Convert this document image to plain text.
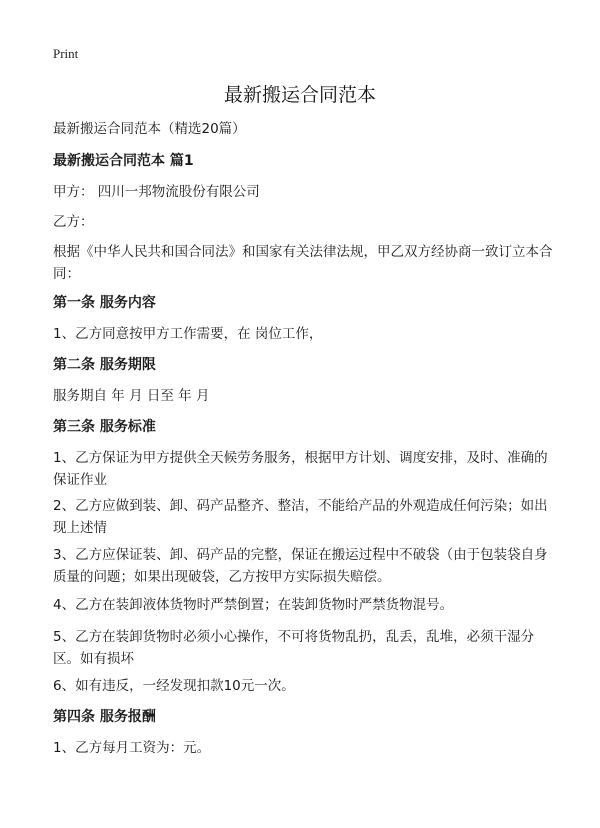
Print
最新搬运合同范本

最新搬运合同范本（精选20篇）

最新搬运合同范本 篇1

甲方： 四川一邦物流股份有限公司

乙方：

根据《中华人民共和国合同法》和国家有关法律法规，甲乙双方经协商一致订立本合同：

第一条 服务内容

1、乙方同意按甲方工作需要，在 岗位工作，

第二条 服务期限

服务期自 年 月 日至 年 月

第三条 服务标准

1、乙方保证为甲方提供全天候劳务服务，根据甲方计划、调度安排，及时、准确的保证作业

2、乙方应做到装、卸、码产品整齐、整洁，不能给产品的外观造成任何污染；如出现上述情

3、乙方应保证装、卸、码产品的完整，保证在搬运过程中不破袋（由于包装袋自身质量的问题；如果出现破袋，乙方按甲方实际损失赔偿。

4、乙方在装卸液体货物时严禁倒置；在装卸货物时严禁货物混号。

5、乙方在装卸货物时必须小心操作，不可将货物乱扔，乱丢，乱堆，必须干湿分区。如有损坏

6、如有违反，一经发现扣款10元一次。

第四条 服务报酬

1、乙方每月工资为：元。
